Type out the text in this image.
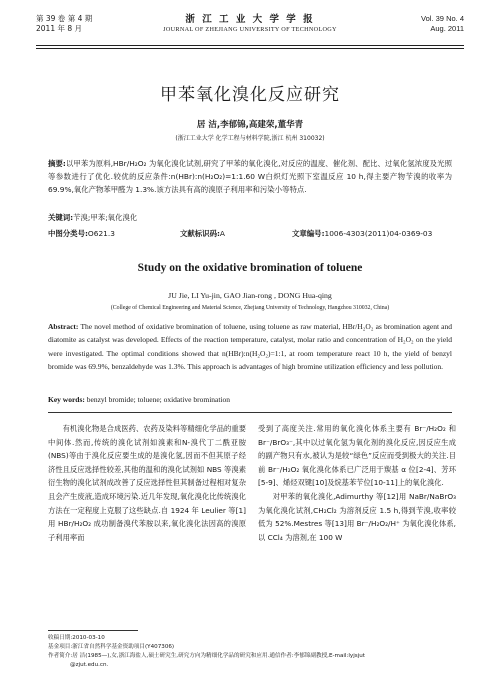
第 39 卷 第 4 期
2011 年 8 月
浙 江 工 业 大 学 学 报
JOURNAL OF ZHEJIANG UNIVERSITY OF TECHNOLOGY
Vol. 39 No. 4
Aug. 2011
甲苯氧化溴化反应研究
居 洁,李郁锦,高建荣,董华青
(浙江工业大学 化学工程与材料学院,浙江 杭州 310032)
摘要:以甲苯为原料,HBr/H₂O₂ 为氧化溴化试剂,研究了甲苯的氧化溴化,对反应的温度、催化剂、配比、过氧化氢浓度及光照等参数进行了优化.较优的反应条件:n(HBr):n(H₂O₂)=1:1.60 W白炽灯光照下室温反应 10 h,得主要产物苄溴的收率为 69.9%,氧化产物苯甲醛为 1.3%.该方法具有高的溴原子利用率和污染小等特点.
关键词:苄溴;甲苯;氧化溴化
中图分类号:O621.3	文献标识码:A	文章编号:1006-4303(2011)04-0369-03
Study on the oxidative bromination of toluene
JU Jie, LI Yu-jin, GAO Jian-rong , DONG Hua-qing
(College of Chemical Engineering and Material Science, Zhejiang University of Technology, Hangzhou 310032, China)
Abstract: The novel method of oxidative bromination of toluene, using toluene as raw material, HBr/H₂O₂ as bromination agent and diatomite as catalyst was developed. Effects of the reaction temperature, catalyst, molar ratio and concentration of H₂O₂ on the yield were investigated. The optimal conditions showed that n(HBr):n(H₂O₂)=1:1, at room temperature react 10 h, the yield of benzyl bromide was 69.9%, benzaldehyde was 1.3%. This approach is advantages of high bromine utilization efficiency and less pollution.
Key words: benzyl bromide; toluene; oxidative bromination

有机溴化物是合成医药、农药及染料等精细化学品的重要中间体.然而,传统的溴化试剂如溴素和N-溴代丁二酰亚胺(NBS)等由于溴化反应要生成的是溴化氢,因而不但其原子经济性且反应选择性较差,其他的温和的溴化试剂如 NBS 等溴素衍生物的溴化试剂成改善了反应选择性但其制备过程相对复杂且会产生废液,造成环境污染.近几年发现,氧化溴化比传统溴化方法在一定程度上克服了这些缺点.自 1924 年 Leulier 等[1]用 HBr/H₂O₂ 成功制备溴代苯胺以来,氧化溴化法因高的溴原子利用率而

受到了高度关注.常用的氧化溴化体系主要有 Br⁻/H₂O₂ 和 Br⁻/BrO₃⁻,其中以过氧化氢为氧化剂的溴化反应,因反应生成的副产物只有水,被认为是较“绿色”反应而受到极大的关注.目前 Br⁻/H₂O₂ 氧化溴化体系已广泛用于羰基 α 位[2-4]、芳环[5-9]、烯烃双键[10]及烷基苯苄位[10-11]上的氧化溴化.

对甲苯的氧化溴化,Adimurthy 等[12]用 NaBr/NaBrO₃ 为氧化溴化试剂,CH₂Cl₂ 为溶剂反应 1.5 h,得到苄溴,收率较低为 52%.Mestres 等[13]用 Br⁻/H₂O₂/H⁺ 为氧化溴化体系,以 CCl₄ 为溶剂,在 100 W

收稿日期:2010-03-10
基金项目:浙江省自然科学基金资助项目(Y407306)
作者简介:居 洁(1985—),女,浙江海盐人,硕士研究生,研究方向为精细化学品的研究和应用.通信作者:李郁锦副教授,E-mail:lyjsjut
@zjut.edu.cn.
